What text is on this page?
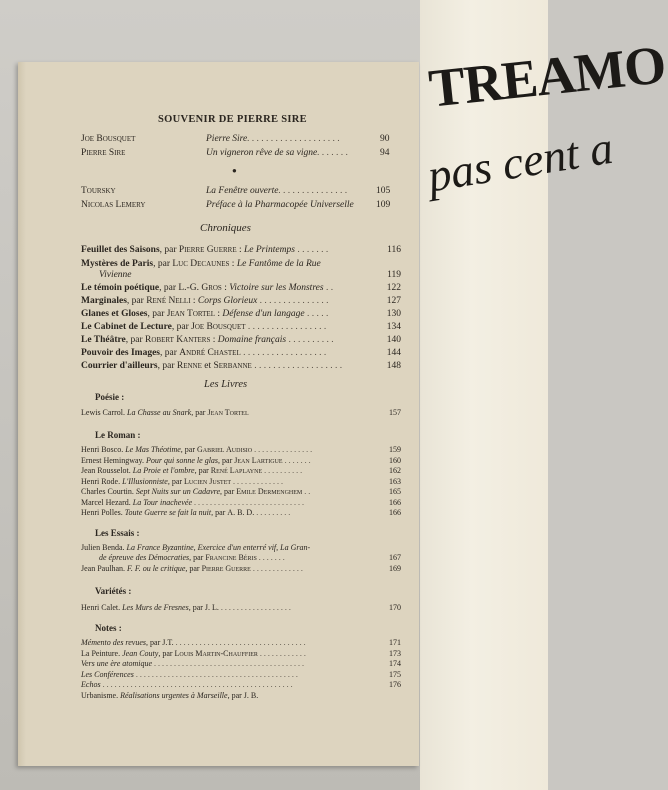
TREAMO
pas cent a
SOUVENIR DE PIERRE SIRE
Joe Bousquet	Pierre Sire. . . . . . . . . . . . . . . . . . . .	90
Pierre Sire	Un vigneron rêve de sa vigne. . . . . . .	94
●
Toursky	La Fenêtre ouverte. . . . . . . . . . . . . . .	105
Nicolas Lemery	Préface à la Pharmacopée Universelle 109
Chroniques
Feuillet des Saisons, par Pierre Guerre : Le Printemps . . . . . . .	116
Mystères de Paris, par Luc Decaunes : Le Fantôme de la Rue
Vivienne	119
Le témoin poétique, par L.-G. Gros : Victoire sur les Monstres . .	122
Marginales, par René Nelli : Corps Glorieux . . . . . . . . . . . . . . .	127
Glanes et Gloses, par Jean Tortel : Défense d'un langage . . . . .	130
Le Cabinet de Lecture, par Joe Bousquet . . . . . . . . . . . . . . . . .	134
Le Théâtre, par Robert Kanters : Domaine français . . . . . . . . . .	140
Pouvoir des Images, par André Chastel . . . . . . . . . . . . . . . . . .	144
Courrier d'ailleurs, par Renne et Serbanne . . . . . . . . . . . . . . . . . . .	148
Les Livres
Poésie :
Lewis Carrol. La Chasse au Snark, par Jean Tortel	157
Le Roman :
Henri Bosco. Le Mas Théotime, par Gabriel Audisio . . . . . . . . . . . . . . .	159
Ernest Hemingway. Pour qui sonne le glas, par Jean Lartigue . . . . . . .	160
Jean Rousselot. La Proie et l'ombre, par René Laplayne . . . . . . . . . .	162
Henri Rode. L'Illusionniste, par Lucien Justet . . . . . . . . . . . . .	163
Charles Courtin. Sept Nuits sur un Cadavre, par Emile Dermenghem . .	165
Marcel Hezard. La Tour inachevée . . . . . . . . . . . . . . . . . . . . . . . . . . . .	166
Henri Polles. Toute Guerre se fait la nuit, par A. B. D. . . . . . . . . .	166
Les Essais :
Julien Benda. La France Byzantine, Exercice d'un enterré vif, La Gran-
de épreuve des Démocraties, par Francine Béris . . . . . . .	167
Jean Paulhan. F. F. ou le critique, par Pierre Guerre . . . . . . . . . . . . .	169
Variétés :
Henri Calet. Les Murs de Fresnes, par J. L. . . . . . . . . . . . . . . . . . .	170
Notes :
Mémento des revues, par J.T. . . . . . . . . . . . . . . . . . . . . . . . . . . . . . . . . .	171
La Peinture. Jean Couty, par Louis Martin-Chauffier . . . . . . . . . . . .	173
Vers une ère atomique . . . . . . . . . . . . . . . . . . . . . . . . . . . . . . . . . . . . . .	174
Les Conférences . . . . . . . . . . . . . . . . . . . . . . . . . . . . . . . . . . . . . . . . .	175
Echos . . . . . . . . . . . . . . . . . . . . . . . . . . . . . . . . . . . . . . . . . . . . . . . .	176
Urbanisme. Réalisations urgentes à Marseille, par J. B.
